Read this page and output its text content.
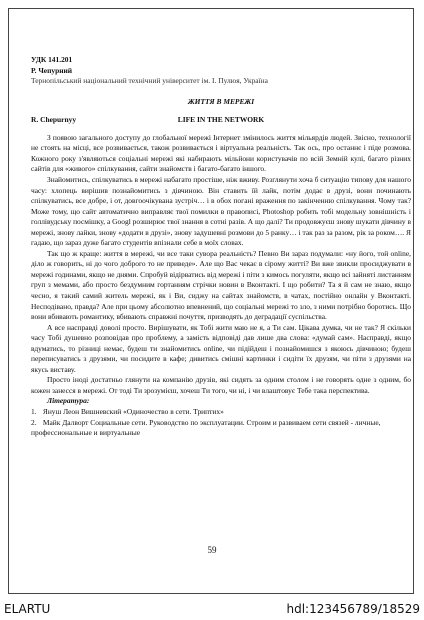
УДК 141.201
Р. Чепурний
Тернопільський національний технічний університет ім. І. Пулюя, Україна
ЖИТТЯ В МЕРЕЖІ
R. Chepurnyy	LIFE IN THE NETWORK

З появою загального доступу до глобальної мережі Інтернет змінилось життя мільярдів людей. Звісно, технології не стоять на місці, все розвивається, також розвивається і віртуальна реальність. Так ось, про останнє і піде розмова. Кожного року з'являються соціальні мережі які набирають мільйони користувачів по всій Земній кулі, багато різних сайтів для «живого» спілкування, сайти знайомств і багато-багато іншого.

Знайомитись, спілкуватись в мережі набагато простіше, ніж вживу. Розглянути хоча б ситуацію типову для нашого часу: хлопець вирішив познайомитись з дівчиною. Він ставить їй лайк, потім додає в друзі, вони починають спілкуватись, все добре, і от, довгоочікувана зустріч… і в обох погані враження по закінченню спілкування. Чому так? Може тому, що сайт автоматично виправляє твої помилки в правописі, Photoshop робить тобі модельну зовнішність і голлівудську посмішку, а Googl розширює твої знання в сотні разів. А що далі? Ти продовжуєш знову шукати дівчину в мережі, знову лайки, знову «додати в друзі», знову задушевні розмови до 5 ранку… і так раз за разом, рік за роком…. Я гадаю, що зараз дуже багато студентів впізнали себе в моїх словах.

Так що ж краще: життя в мережі, чи все таки сувора реальність? Певно Ви зараз подумали: «ну його, той online, діло ж говорить, ні до чого доброго то не приведе». Але що Вас чекає в сірому житті? Ви вже звикли просиджувати в мережі годинами, якщо не днями. Спробуй відірватись від мережі і піти з кимось погуляти, якщо всі зайняті листанням груп з мемами, або просто бездумним гортанням стрічки новин в Вконтакті. І що робити? Та я й сам не знаю, якщо чесно, я такий самий житель мережі, як і Ви, сиджу на сайтах знайомств, в чатах, постійно онлайн у Вконтакті. Несподівано, правда? Але при цьому абсолютно впевнений, що соціальні мережі то зло, з ними потрібно боротись. Що вони вбивають романтику, вбивають справжні почуття, призводять до деградації суспільства.

А все насправді доволі просто. Вирішувати, як Тобі жити маю не я, а Ти сам. Цікава думка, чи не так? Я скільки часу Тобі душевно розповідав про проблему, а замість відповіді дав лише два слова: «думай сам». Насправді, якщо вдуматись, то різниці немає, будеш ти знайомитись online, чи підійдеш і познайомишся з якоюсь дівчиною; будеш переписуватись з друзями, чи посидите в кафе; дивитись смішні картинки і сидіти їх друзям, чи піти з друзями на якусь виставу.

Просто іноді достатньо глянути на компанію друзів, які сидять за одним столом і не говорять одне з одним, бо кожен занесся в мережі. От тоді Ти зрозумієш, хочеш Ти того, чи ні, і чи влаштовує Тебе така перспектива.

Література:
1. Януш Леон Вишневский «Одиночество в сети. Триптих»
2. Майк Далворт Социальные сети. Руководство по эксплуатации. Строим и развиваем сети связей - личные, профессиональные и виртуальные
59
ELARTU	hdl:123456789/18529
